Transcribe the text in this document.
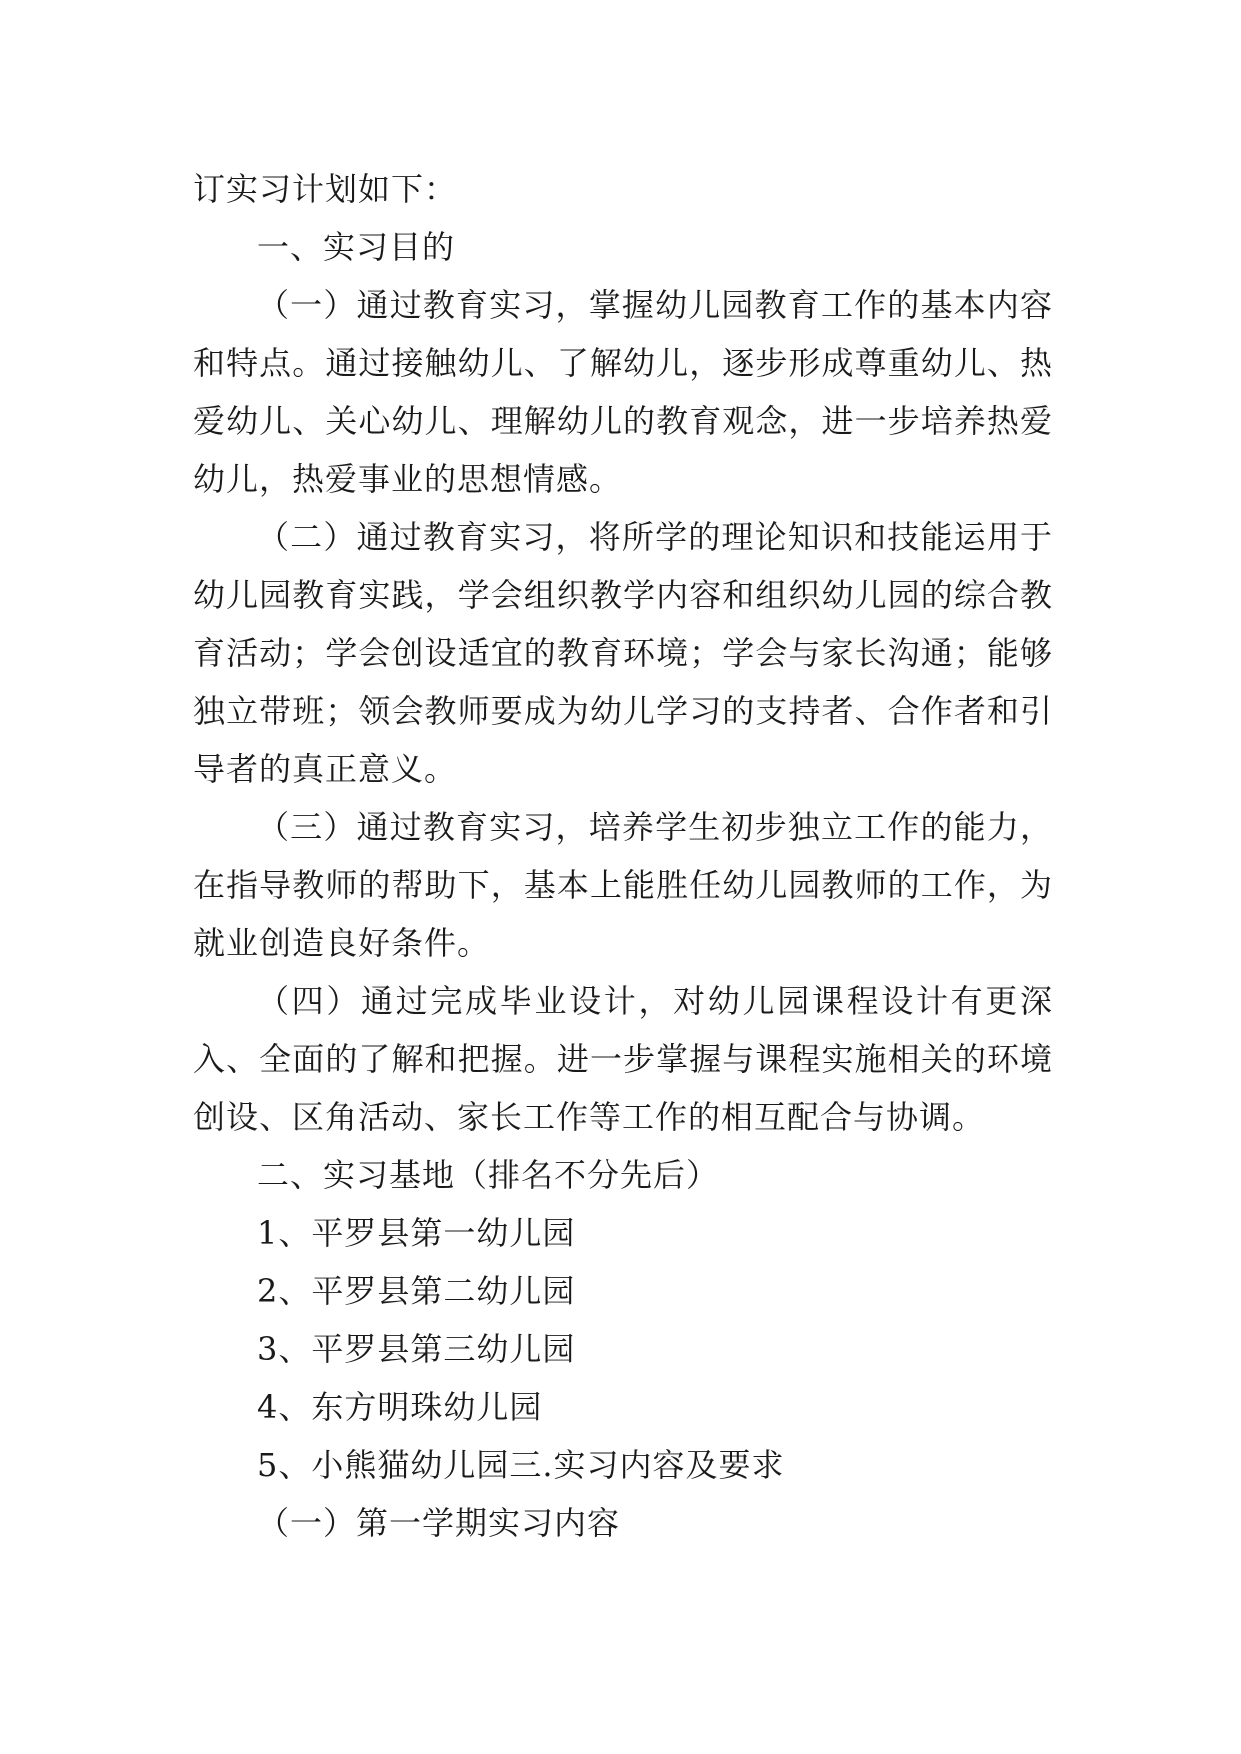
订实习计划如下：

一、实习目的

（一）通过教育实习，掌握幼儿园教育工作的基本内容和特点。通过接触幼儿、了解幼儿，逐步形成尊重幼儿、热爱幼儿、关心幼儿、理解幼儿的教育观念，进一步培养热爱幼儿，热爱事业的思想情感。

（二）通过教育实习，将所学的理论知识和技能运用于幼儿园教育实践，学会组织教学内容和组织幼儿园的综合教育活动；学会创设适宜的教育环境；学会与家长沟通；能够独立带班；领会教师要成为幼儿学习的支持者、合作者和引导者的真正意义。

（三）通过教育实习，培养学生初步独立工作的能力，在指导教师的帮助下，基本上能胜任幼儿园教师的工作，为就业创造良好条件。

（四）通过完成毕业设计，对幼儿园课程设计有更深入、全面的了解和把握。进一步掌握与课程实施相关的环境创设、区角活动、家长工作等工作的相互配合与协调。

二、实习基地（排名不分先后）

1、平罗县第一幼儿园
2、平罗县第二幼儿园
3、平罗县第三幼儿园
4、东方明珠幼儿园
5、小熊猫幼儿园三.实习内容及要求

（一）第一学期实习内容
